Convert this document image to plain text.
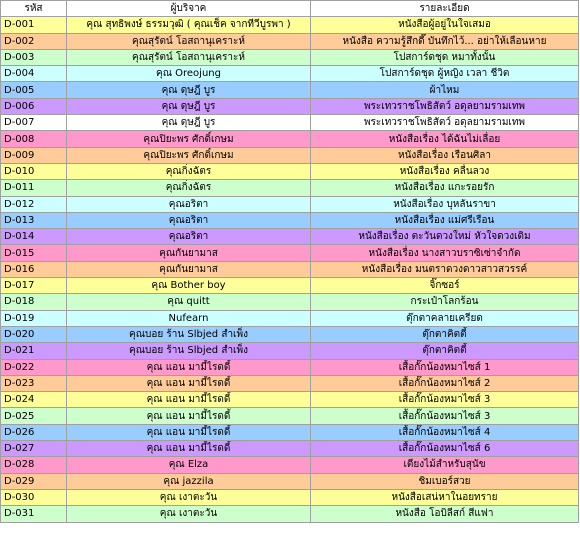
รหัส	ผู้บริจาค	รายละเอียด
D-001	คุณ สุทธิพงษ์ ธรรมวุฒิ ( คุณเช็ค จากทีวีบูรพา )	หนังสือผู้อยู่ในใจเสมอ
D-002	คุณสุรัตน์ โอสถานุเคราะห์	หนังสือ ความรู้สึกดี๊ บันทึกไว้... อย่าให้เลือนหาย
D-003	คุณสุรัตน์ โอสถานุเคราะห์	โปสการ์ดชุด หมาทั้งนั้น
D-004	คุณ Oreojung	โปสการ์ดชุด ผู้หญิง เวลา ชีวิต
D-005	คุณ ดุษฎี บูร	ผ้าไหม
D-006	คุณ ดุษฎี บูร	พระเทวราชโพธิสัตว์ อดุลยามรามเทพ
D-007	คุณ ดุษฎี บูร	พระเทวราชโพธิสัตว์ อดุลยามรามเทพ
D-008	คุณปิยะพร ศักดิ์เกษม	หนังสือเรื่อง ได้ฉันไม่เลื่อย
D-009	คุณปิยะพร ศักดิ์เกษม	หนังสือเรื่อง เรือนศิลา
D-010	คุณกิ่งฉัตร	หนังสือเรื่อง คลื่นลวง
D-011	คุณกิ่งฉัตร	หนังสือเรื่อง แกะรอยรัก
D-012	คุณอริตา	หนังสือเรื่อง บุหลันราขา
D-013	คุณอริตา	หนังสือเรื่อง แม่ศรีเรือน
D-014	คุณอริตา	หนังสือเรื่อง ตะวันดวงใหม่ หัวใจดวงเดิม
D-015	คุณกันยามาส	หนังสือเรื่อง นางสาวบราซิเซ่าจำกัด
D-016	คุณกันยามาส	หนังสือเรื่อง มนตราดวงดาวสาวสวรรค์
D-017	คุณ Bother boy	จิ๊กซอร์
D-018	คุณ quitt	กระเป๋าโลกร้อน
D-019	Nufearn	ตุ๊กตาคลายเครียด
D-020	คุณบอย ร้าน Slbjed สำเพ็ง	ตุ๊กตาคิตตี้
D-021	คุณบอย ร้าน Slbjed สำเพ็ง	ตุ๊กตาคิตตี้
D-022	คุณ แอน มามี้ไรดดี้	เสื้อกั๊กน้องหมาไซส์ 1
D-023	คุณ แอน มามี้ไรดดี้	เสื้อกั๊กน้องหมาไซส์ 2
D-024	คุณ แอน มามี้ไรดดี้	เสื้อกั๊กน้องหมาไซส์ 3
D-025	คุณ แอน มามี้ไรดดี้	เสื้อกั๊กน้องหมาไซส์ 3
D-026	คุณ แอน มามี้ไรดดี้	เสื้อกั๊กน้องหมาไซส์ 4
D-027	คุณ แอน มามี้ไรดดี้	เสื้อกั๊กน้องหมาไซส์ 6
D-028	คุณ Elza	เตียงไม้สำหรับสุนัข
D-029	คุณ jazzila	ชิมเบอร์สวย
D-030	คุณ เงาตะวัน	หนังสือเสน่หาในอยทราย
D-031	คุณ เงาตะวัน	หนังสือ โอบิลีสก์ สีแฟา
